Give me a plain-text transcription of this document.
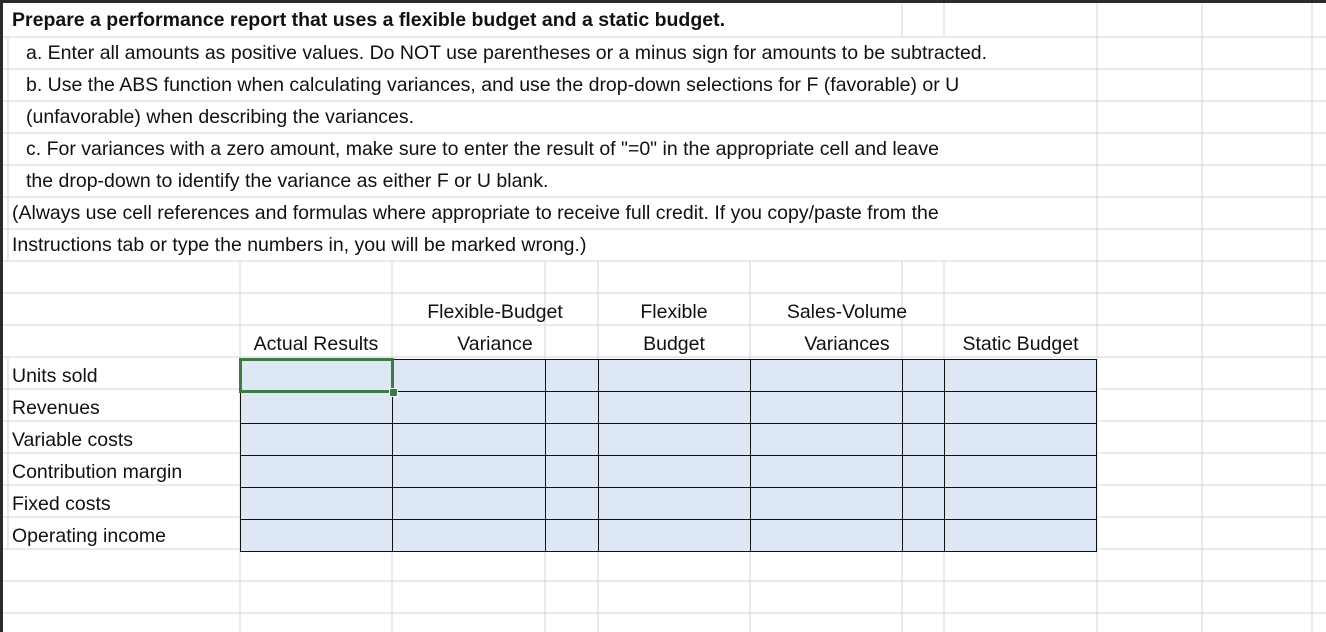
Prepare a performance report that uses a flexible budget and a static budget.
a. Enter all amounts as positive values. Do NOT use parentheses or a minus sign for amounts to be subtracted.
b. Use the ABS function when calculating variances, and use the drop-down selections for F (favorable) or U
(unfavorable) when describing the variances.
c. For variances with a zero amount, make sure to enter the result of "=0" in the appropriate cell and leave
the drop-down to identify the variance as either F or U blank.
(Always use cell references and formulas where appropriate to receive full credit. If you copy/paste from the
Instructions tab or type the numbers in, you will be marked wrong.)
Actual Results
Flexible-Budget
Variance
Flexible
Budget
Sales-Volume
Variances	Static Budget
Units sold
Revenues
Variable costs
Contribution margin
Fixed costs
Operating income
